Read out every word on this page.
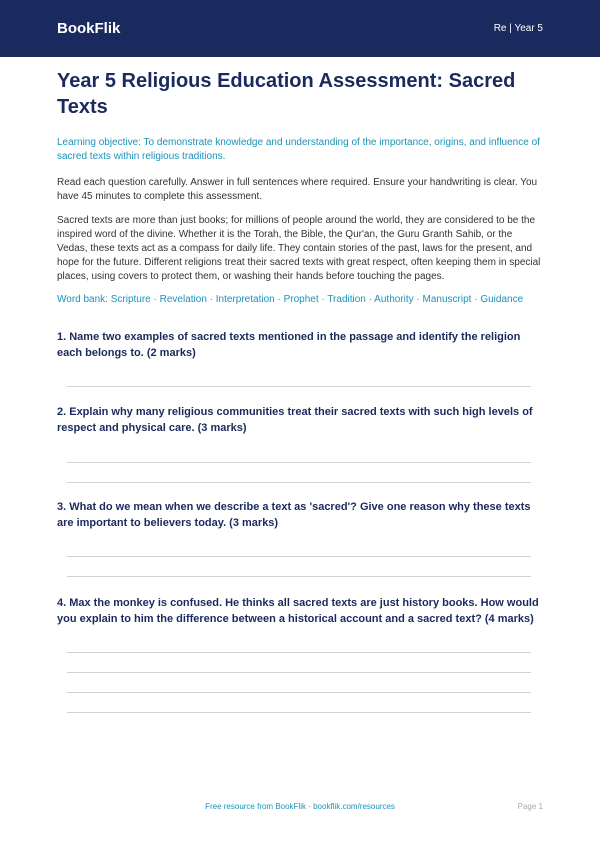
BookFlik	Re | Year 5
Year 5 Religious Education Assessment: Sacred Texts
Learning objective: To demonstrate knowledge and understanding of the importance, origins, and influence of sacred texts within religious traditions.
Read each question carefully. Answer in full sentences where required. Ensure your handwriting is clear. You have 45 minutes to complete this assessment.
Sacred texts are more than just books; for millions of people around the world, they are considered to be the inspired word of the divine. Whether it is the Torah, the Bible, the Qur'an, the Guru Granth Sahib, or the Vedas, these texts act as a compass for daily life. They contain stories of the past, laws for the present, and hope for the future. Different religions treat their sacred texts with great respect, often keeping them in special places, using covers to protect them, or washing their hands before touching the pages.
Word bank: Scripture · Revelation · Interpretation · Prophet · Tradition · Authority · Manuscript · Guidance
1. Name two examples of sacred texts mentioned in the passage and identify the religion each belongs to. (2 marks)
2. Explain why many religious communities treat their sacred texts with such high levels of respect and physical care. (3 marks)
3. What do we mean when we describe a text as 'sacred'? Give one reason why these texts are important to believers today. (3 marks)
4. Max the monkey is confused. He thinks all sacred texts are just history books. How would you explain to him the difference between a historical account and a sacred text? (4 marks)
Free resource from BookFlik · bookflik.com/resources	Page 1
